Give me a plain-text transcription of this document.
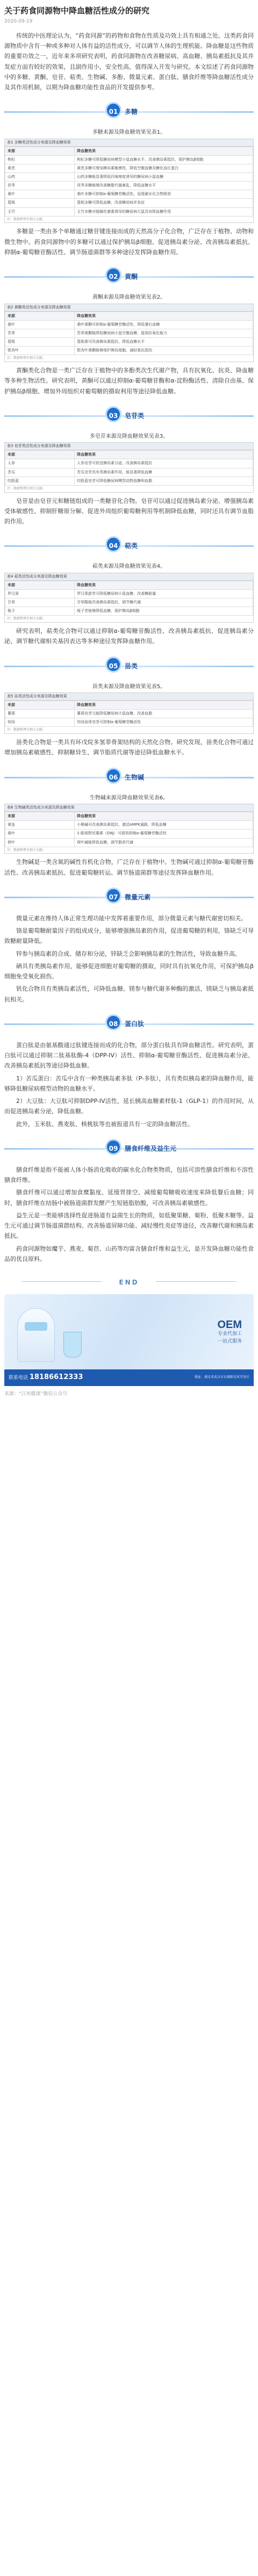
关于药食同源物中降血糖活性成分的研究
2020-09-19

传统的中医理论认为，“药食同源”的药物和食物在性质及功效上具有相通之处。这类药食同源物质中含有一种或多种对人体有益的活性成分，可以调节人体的生理机能。降血糖是这些物质的重要功效之一，近年来多项研究表明，药食同源物在改善糖尿病、高血糖、胰岛素抵抗及其并发症方面有较好的效果，且副作用小，安全性高，值得深入开发与研究。本文综述了药食同源物中的多糖、黄酮、皂苷、萜类、生物碱、多酚、微量元素、蛋白肽、膳食纤维等降血糖活性成分及其作用机制，以期为降血糖功能性食品的开发提供参考。

01	多糖
多糖来源及降血糖效果见表1。
表1 多糖类活性成分来源及降血糖效果
来源	降血糖效果
枸杞	枸杞多糖可降低糖尿病模型小鼠血糖水平，改善胰岛素抵抗，保护胰岛β细胞
黄芪	黄芪多糖可增加胰岛素敏感性，降低空腹血糖及糖化血红蛋白
山药	山药多糖能显著降低四氧嘧啶诱导的糖尿病小鼠血糖
茯苓	茯苓多糖能够改善糖脂代谢紊乱，降低血糖水平
桑叶	桑叶多糖可抑制α-葡萄糖苷酶活性，延缓碳水化合物吸收
葛根	葛根多糖可降低血糖，改善糖尿病并发症
玉竹	玉竹多糖对链脲佐菌素诱导的糖尿病大鼠具有降血糖作用
注：数据整理自相关文献。

多糖是一类由多个单糖通过糖苷键连接而成的天然高分子化合物，广泛存在于植物、动物和微生物中。药食同源物中的多糖可以通过保护胰岛β细胞、促进胰岛素分泌、改善胰岛素抵抗、抑制α-葡萄糖苷酶活性、调节肠道菌群等多种途径发挥降血糖作用。

02	黄酮
黄酮来源及降血糖效果见表2。
表2 黄酮类活性成分来源及降血糖效果
来源	降血糖效果
桑叶	桑叶黄酮可抑制α-葡萄糖苷酶活性，降低餐后血糖
苦荞	苦荞黄酮能降低糖尿病小鼠空腹血糖，提高抗氧化能力
葛根	葛根素可改善胰岛素抵抗，降低血糖水平
银杏叶	银杏叶黄酮能够保护胰岛细胞，减轻氧化损伤
注：数据整理自相关文献。

黄酮类化合物是一类广泛存在于植物中的多酚类次生代谢产物，具有抗氧化、抗炎、降血糖等多种生物活性。研究表明，黄酮可以通过抑制α-葡萄糖苷酶和α-淀粉酶活性、清除自由基、保护胰岛β细胞、增加外周组织对葡萄糖的摄取利用等途径降低血糖。

03	皂苷类
多皂苷来源及降血糖效果见表3。
表3 皂苷类活性成分来源及降血糖效果
来源	降血糖效果
人参	人参皂苷可促进胰岛素分泌，改善胰岛素抵抗
苦瓜	苦瓜皂苷具有类胰岛素作用，能显著降低血糖
绞股蓝	绞股蓝皂苷可降低糖尿病模型动物血糖和血脂
注：数据整理自相关文献。

皂苷是由皂苷元和糖链组成的一类糖苷化合物。皂苷可以通过促进胰岛素分泌、增强胰岛素受体敏感性、抑制肝糖原分解、促进外周组织葡萄糖利用等机制降低血糖，同时还具有调节血脂的作用。

04	萜类
萜类来源及降血糖效果见表4。
表4 萜类活性成分来源及降血糖效果
来源	降血糖效果
罗汉果	罗汉果甜苷可降低糖尿病小鼠血糖，改善糖耐量
甘草	甘草酸能改善胰岛素抵抗，调节糖代谢
栀子	栀子苷能够降低血糖，保护胰岛β细胞
注：数据整理自相关文献。

研究表明，萜类化合物可以通过抑制α-葡萄糖苷酶活性、改善胰岛素抵抗、促进胰岛素分泌、调节糖代谢相关基因表达等多种途径发挥降血糖作用。

05	甾类
甾类来源及降血糖效果见表5。
表5 甾类活性成分来源及降血糖效果
来源	降血糖效果
薯蓣	薯蓣皂苷元能降低糖尿病大鼠血糖，改善血脂
知母	知母甾体皂苷可抑制α-葡萄糖苷酶活性
注：数据整理自相关文献。

甾类化合物是一类具有环戊烷多氢菲骨架结构的天然化合物。研究发现，甾类化合物可通过增加胰岛素敏感性、抑制糖异生、调节脂质代谢等途径降低血糖水平。

06	生物碱
生物碱来源及降血糖效果见表6。
表6 生物碱类活性成分来源及降血糖效果
来源	降血糖效果
黄连	小檗碱可改善胰岛素抵抗，激活AMPK通路，降低血糖
桑叶	1-脱氧野尻霉素（DNJ）可强效抑制α-葡萄糖苷酶活性
荷叶	荷叶碱能降低血糖，调节脂质代谢
注：数据整理自相关文献。

生物碱是一类含氮的碱性有机化合物，广泛存在于植物中。生物碱可通过抑制α-葡萄糖苷酶活性、改善胰岛素抵抗、促进葡萄糖转运、调节肠道菌群等途径发挥降血糖作用。

07	微量元素

微量元素在维持人体正常生理功能中发挥着重要作用，部分微量元素与糖代谢密切相关。

铬是葡萄糖耐量因子的组成成分，能够增强胰岛素的作用，促进葡萄糖的利用，铬缺乏可导致糖耐量降低。

锌参与胰岛素的合成、储存和分泌，锌缺乏会影响胰岛素的生物活性，导致血糖升高。

硒具有类胰岛素作用，能够促进细胞对葡萄糖的摄取，同时具有抗氧化作用，可保护胰岛β细胞免受氧化损伤。

钒化合物具有类胰岛素活性，可降低血糖。镁参与糖代谢多种酶的激活，镁缺乏与胰岛素抵抗相关。

08	蛋白肽

蛋白肽是由氨基酸通过肽键连接而成的化合物，部分蛋白肽具有降血糖活性。研究表明，蛋白肽可以通过抑制二肽基肽酶-4（DPP-IV）活性、抑制α-葡萄糖苷酶活性、促进胰岛素分泌、改善胰岛素抵抗等途径降低血糖。

1）苦瓜蛋白：苦瓜中含有一种类胰岛素多肽（P-多肽），具有类似胰岛素的降血糖作用，能够降低糖尿病模型动物的血糖水平。

2）大豆肽：大豆肽可抑制DPP-IV活性，延长胰高血糖素样肽-1（GLP-1）的作用时间，从而促进胰岛素分泌，降低血糖。

此外，玉米肽、燕麦肽、核桃肽等也被报道具有一定的降血糖活性。

09	膳食纤维及益生元

膳食纤维是指不能被人体小肠消化吸收的碳水化合物类物质，包括可溶性膳食纤维和不溶性膳食纤维。

膳食纤维可以通过增加食糜黏度、延缓胃排空、减缓葡萄糖吸收速度来降低餐后血糖；同时，膳食纤维在结肠中被肠道菌群发酵产生短链脂肪酸，可改善胰岛素敏感性。

益生元是一类能够选择性促进肠道有益菌生长的物质，如低聚果糖、菊粉、低聚木糖等。益生元可通过调节肠道菌群结构、改善肠道屏障功能、减轻慢性炎症等途径，改善糖代谢和胰岛素抵抗。

药食同源物如魔芋、燕麦、菊苣、山药等均富含膳食纤维和益生元，是开发降血糖功能性食品的优良原料。

END
OEM
专业代加工
一站式服务
联系电话 18186612333	地址：湖北省武汉市东湖新技术开发区
来源：“江州健康”微信公众号
